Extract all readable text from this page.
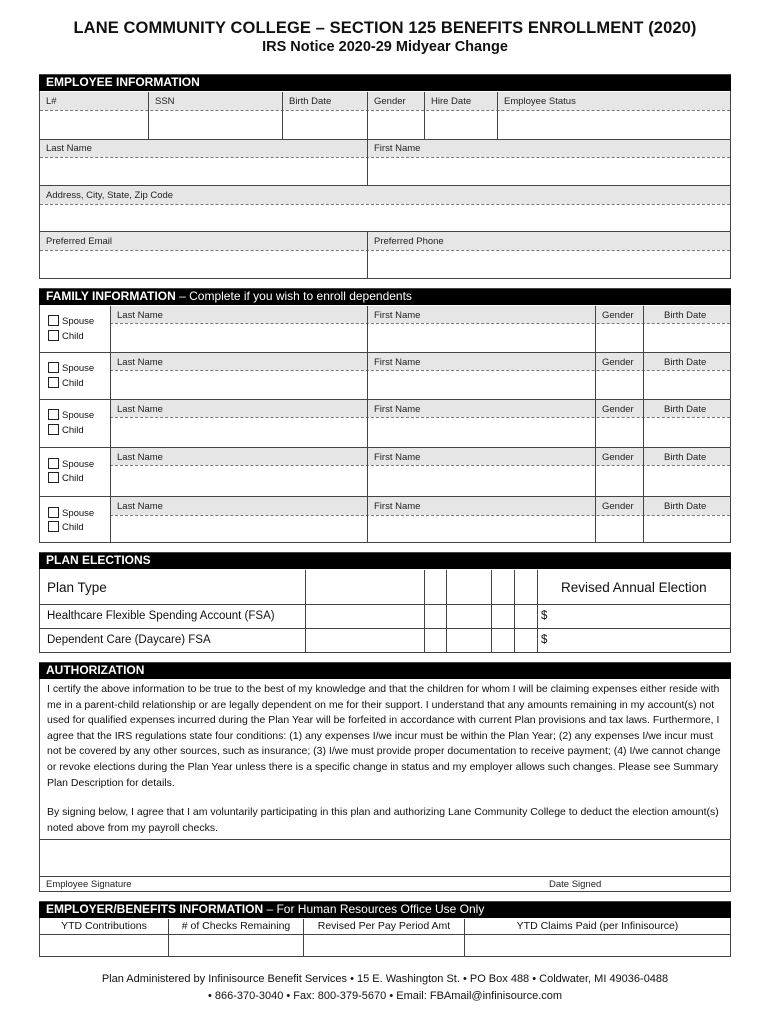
LANE COMMUNITY COLLEGE – SECTION 125 BENEFITS ENROLLMENT (2020)
IRS Notice 2020-29 Midyear Change
EMPLOYEE INFORMATION
L#	SSN	Birth Date	Gender	Hire Date	Employee Status
Last Name	First Name
Address, City, State, Zip Code
Preferred Email	Preferred Phone
FAMILY INFORMATION – Complete if you wish to enroll dependents
Last Name	First Name	Gender	Birth Date
Spouse
Child
Last Name	First Name	Gender	Birth Date
Spouse
Child
Last Name	First Name	Gender	Birth Date
Spouse
Child
Last Name	First Name	Gender	Birth Date
Spouse
Child
Last Name	First Name	Gender	Birth Date
Spouse
Child
PLAN ELECTIONS
Plan Type	Revised Annual Election
Healthcare Flexible Spending Account (FSA)	$
Dependent Care (Daycare) FSA	$
AUTHORIZATION
I certify the above information to be true to the best of my knowledge and that the children for whom I will be claiming expenses either reside with me in a parent-child relationship or are legally dependent on me for their support. I understand that any amounts remaining in my account(s) not used for qualified expenses incurred during the Plan Year will be forfeited in accordance with current Plan provisions and tax laws. Furthermore, I agree that the IRS regulations state four conditions: (1) any expenses I/we incur must be within the Plan Year; (2) any expenses I/we incur must not be covered by any other sources, such as insurance; (3) I/we must provide proper documentation to receive payment; (4) I/we cannot change or revoke elections during the Plan Year unless there is a specific change in status and my employer allows such changes. Please see Summary Plan Description for details.
By signing below, I agree that I am voluntarily participating in this plan and authorizing Lane Community College to deduct the election amount(s) noted above from my payroll checks.
Employee Signature	Date Signed
EMPLOYER/BENEFITS INFORMATION – For Human Resources Office Use Only
YTD Contributions	# of Checks Remaining	Revised Per Pay Period Amt	YTD Claims Paid (per Infinisource)
Plan Administered by Infinisource Benefit Services • 15 E. Washington St. • PO Box 488 • Coldwater, MI 49036-0488
• 866-370-3040 • Fax: 800-379-5670 • Email: FBAmail@infinisource.com
